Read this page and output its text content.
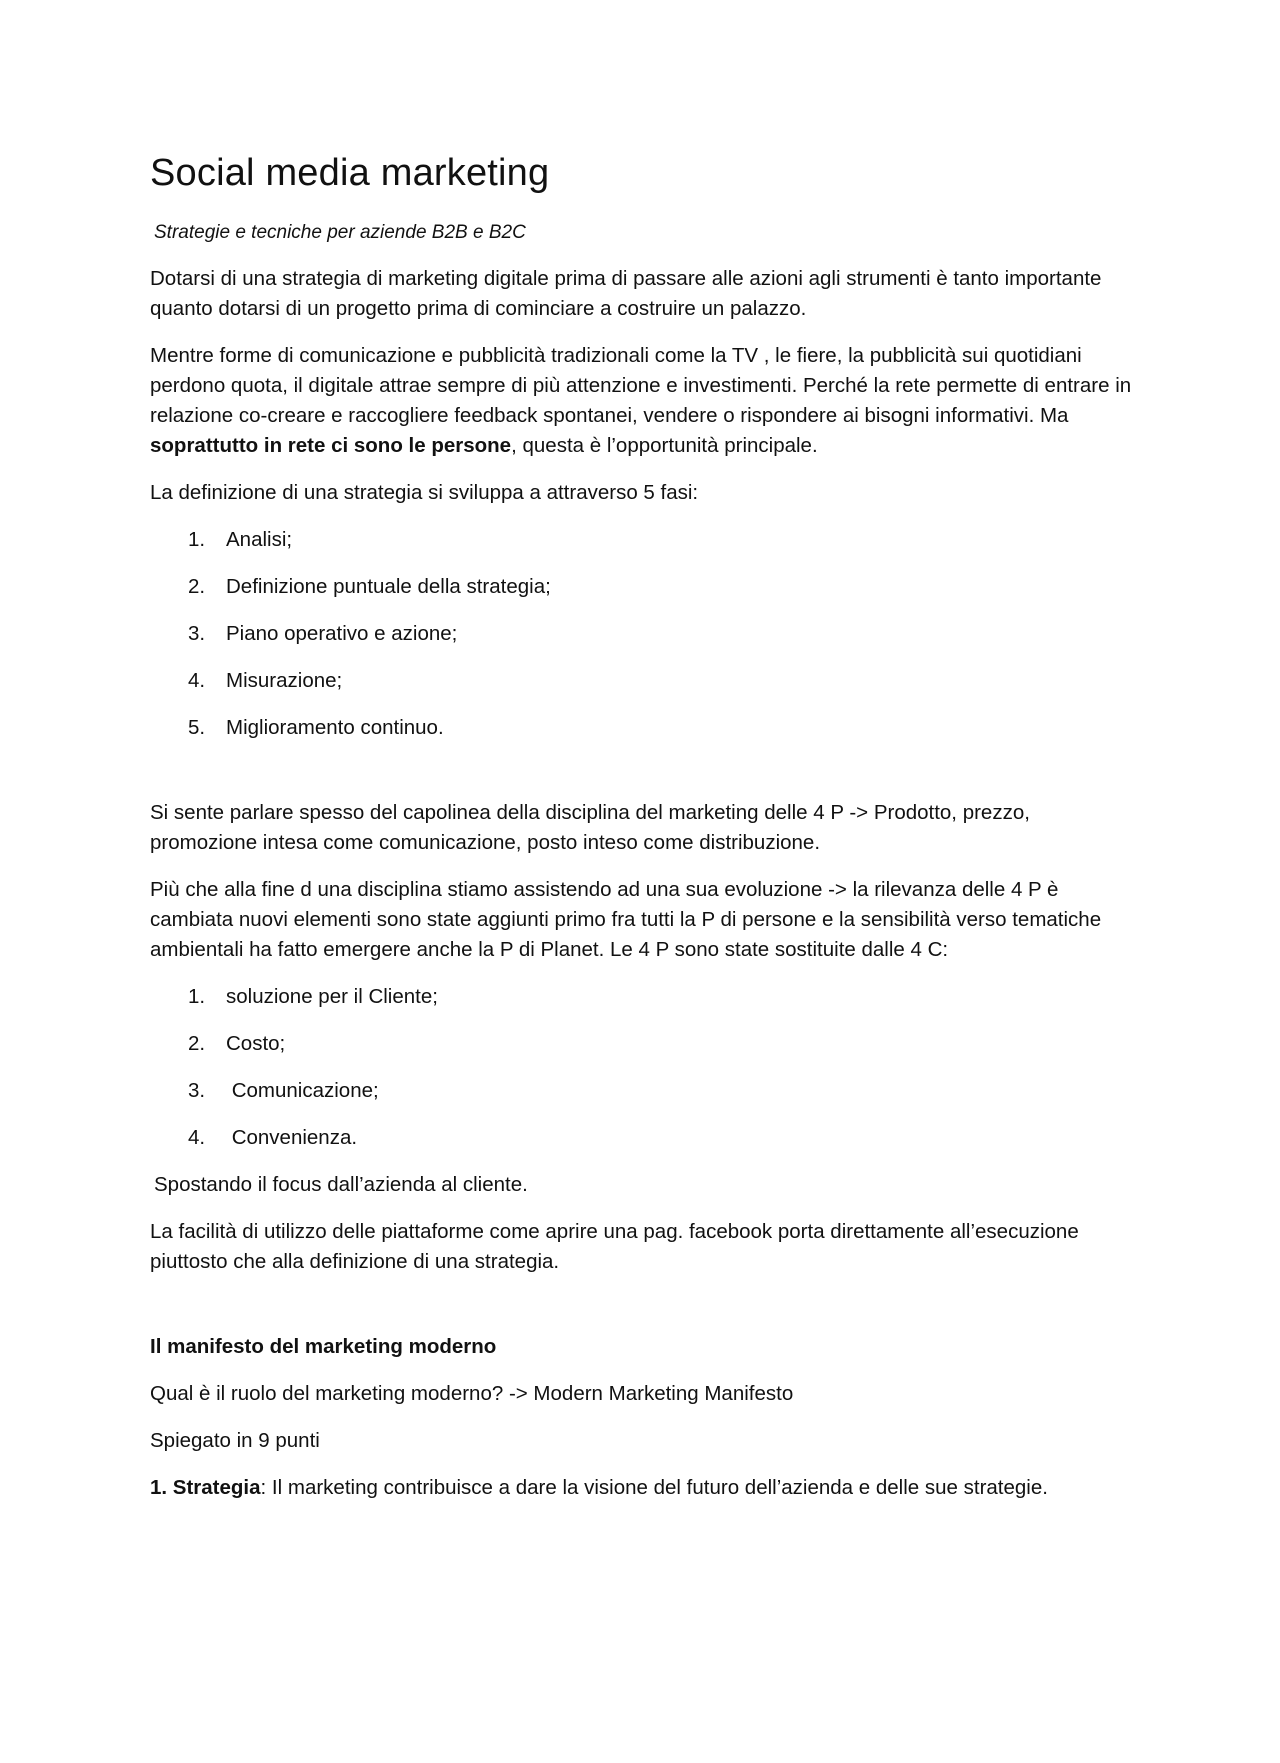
Social media marketing
Strategie e tecniche per aziende B2B e B2C

Dotarsi di una strategia di marketing digitale prima di passare alle azioni agli strumenti è tanto importante quanto dotarsi di un progetto prima di cominciare a costruire un palazzo.

Mentre forme di comunicazione e pubblicità tradizionali come la TV , le fiere, la pubblicità sui quotidiani perdono quota, il digitale attrae sempre di più attenzione e investimenti. Perché la rete permette di entrare in relazione co-creare e raccogliere feedback spontanei, vendere o rispondere ai bisogni informativi. Ma soprattutto in rete ci sono le persone, questa è l’opportunità principale.

La definizione di una strategia si sviluppa a attraverso 5 fasi:

1.	Analisi;
2.	Definizione puntuale della strategia;
3.	Piano operativo e azione;
4.	Misurazione;
5.	Miglioramento continuo.

Si sente parlare spesso del capolinea della disciplina del marketing delle 4 P -> Prodotto, prezzo, promozione intesa come comunicazione, posto inteso come distribuzione.

Più che alla fine d una disciplina stiamo assistendo ad una sua evoluzione -> la rilevanza delle 4 P è cambiata nuovi elementi sono state aggiunti primo fra tutti la P di persone e la sensibilità verso tematiche ambientali ha fatto emergere anche la P di Planet. Le 4 P sono state sostituite dalle 4 C:

1.	soluzione per il Cliente;
2.	Costo;
3.	Comunicazione;
4.	Convenienza.

Spostando il focus dall’azienda al cliente.

La facilità di utilizzo delle piattaforme come aprire una pag. facebook porta direttamente all’esecuzione piuttosto che alla definizione di una strategia.

Il manifesto del marketing moderno

Qual è il ruolo del marketing moderno? -> Modern Marketing Manifesto

Spiegato in 9 punti

1. Strategia: Il marketing contribuisce a dare la visione del futuro dell’azienda e delle sue strategie.
